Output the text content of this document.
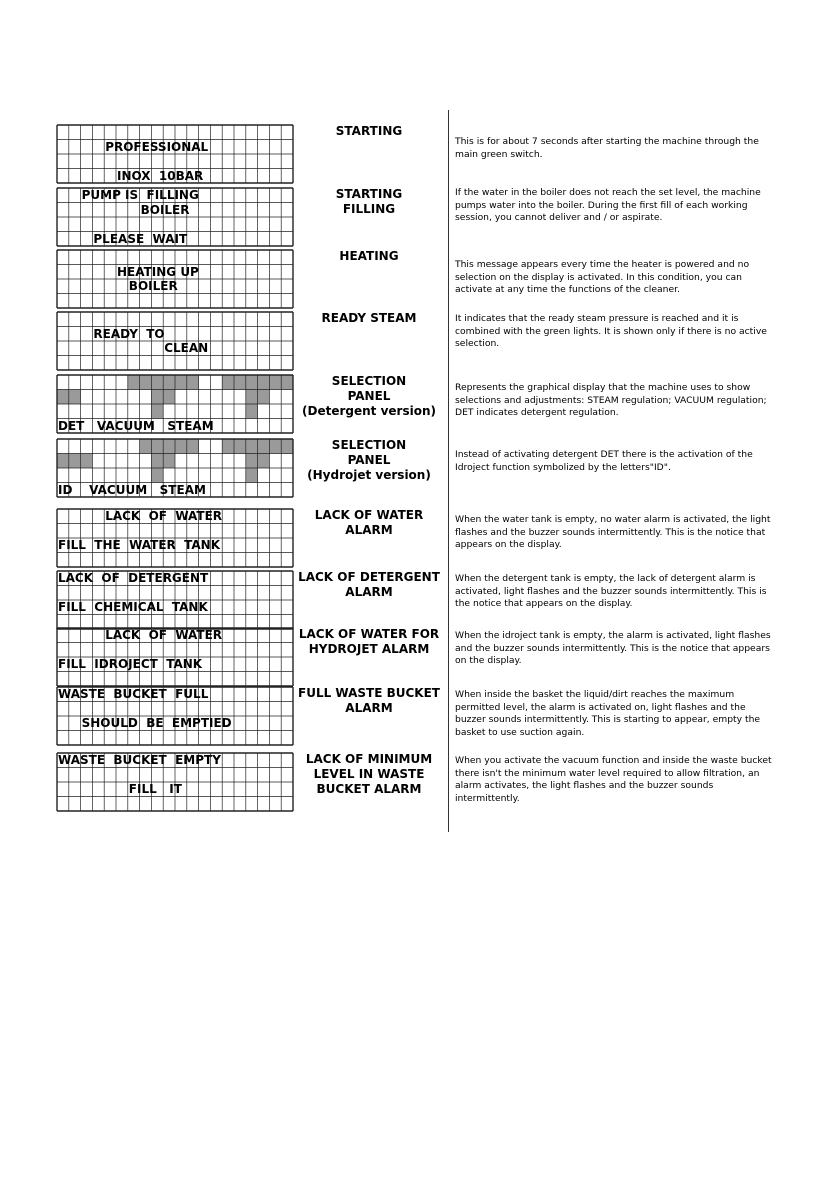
PROFESSIONAL
INOX  10BAR
STARTING
This is for about 7 seconds after starting the machine through the main green switch.
PUMP IS  FILLING
BOILER
PLEASE  WAIT
STARTING
FILLING
If the water in the boiler does not reach the set level, the machine pumps water into the boiler. During the first fill of each working session, you cannot deliver and / or aspirate.
HEATING UP
BOILER
HEATING
This message appears every time the heater is powered and no selection on the display is activated. In this condition, you can activate at any time the functions of the cleaner.
READY  TO
CLEAN
READY STEAM	It indicates that the ready steam pressure is reached and it is combined with the green lights. It is shown only if there is no active selection.
DET   VACUUM   STEAM
SELECTION
PANEL
(Detergent version)
Represents the graphical display that the machine uses to show selections and adjustments: STEAM regulation; VACUUM regulation; DET indicates detergent regulation.
ID    VACUUM   STEAM
SELECTION
PANEL
(Hydrojet version)
Instead of activating detergent DET there is the activation of the Idroject function symbolized by the letters"ID".
LACK  OF  WATER
FILL  THE  WATER  TANK
LACK OF WATER
ALARM
When the water tank is empty, no water alarm is activated, the light flashes and the buzzer sounds intermittently. This is the notice that appears on the display.
LACK  OF  DETERGENT
FILL  CHEMICAL  TANK
LACK OF DETERGENT
ALARM
When the detergent tank is empty, the lack of detergent alarm is activated, light flashes and the buzzer sounds intermittently. This is the notice that appears on the display.
LACK  OF  WATER
FILL  IDROJECT  TANK
LACK OF WATER FOR
HYDROJET ALARM
When the idroject tank is empty, the alarm is activated, light flashes and the buzzer sounds intermittently. This is the notice that appears on the display.
WASTE  BUCKET  FULL
SHOULD  BE  EMPTIED
FULL WASTE BUCKET
ALARM
When inside the basket the liquid/dirt reaches the maximum permitted level, the alarm is activated on, light flashes and the buzzer sounds intermittently. This is starting to appear, empty the basket to use suction again.
WASTE  BUCKET  EMPTY
FILL   IT
LACK OF MINIMUM
LEVEL IN WASTE
BUCKET ALARM
When you activate the vacuum function and inside the waste bucket there isn't the minimum water level required to allow filtration, an alarm activates, the light flashes and the buzzer sounds intermittently.
